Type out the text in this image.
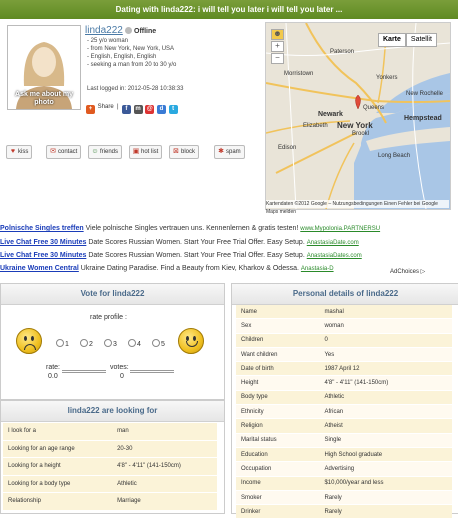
Dating with linda222: i will tell you later i will tell you later ...
Ask me about my photo
linda222	Offline
- 25 y/o woman
- from New York, New York, USA
- English, English, English
- seeking a man from 20 to 30 y/o
Last logged in: 2012-05-28 10:38:33
+ Share  |  f m @ d t
♥ kiss	✉ contact	☺friends	▣ hot list	⊠ block	✱ spam
Paterson
Yonkers
New Rochelle
Newark
New York
Elizabeth
Queens
Hempstead
Long Beach
Edison
Brookl
Morristown
Karte Satellit
☻
+
−
Kartendaten ©2012 Google – Nutzungsbedingungen Einen Fehler bei Google Maps melden
Polnische Singles treffen Viele polnische Singles vertrauen uns. Kennenlernen & gratis testen! www.Mypolonia.PARTNERSU
Live Chat Free 30 Minutes Date Scores Russian Women. Start Your Free Trial Offer. Easy Setup. AnastasiaDate.com
Live Chat Free 30 Minutes Date Scores Russian Women. Start Your Free Trial Offer. Easy Setup. AnastasiaDates.com
Ukraine Women Central Ukraine Dating Paradise. Find a Beauty from Kiev, Kharkov & Odessa. Anastasia-D	AdChoices ▷
Vote for linda222
rate profile :
1	2	3	4	5
rate:	votes:
0.0	0
linda222 are looking for
I look for a	man
Looking for an age range	20-30
Looking for a height	4'8" - 4'11" (141-150cm)
Looking for a body type	Athletic
Relationship	Marriage
Personal details of linda222
Name	mashal
Sex	woman
Children	0
Want children	Yes
Date of birth	1987 April 12
Height	4'8" - 4'11" (141-150cm)
Body type	Athletic
Ethnicity	African
Religion	Atheist
Marital status	Single
Education	High School graduate
Occupation	Advertising
Income	$10,000/year and less
Smoker	Rarely
Drinker	Rarely
